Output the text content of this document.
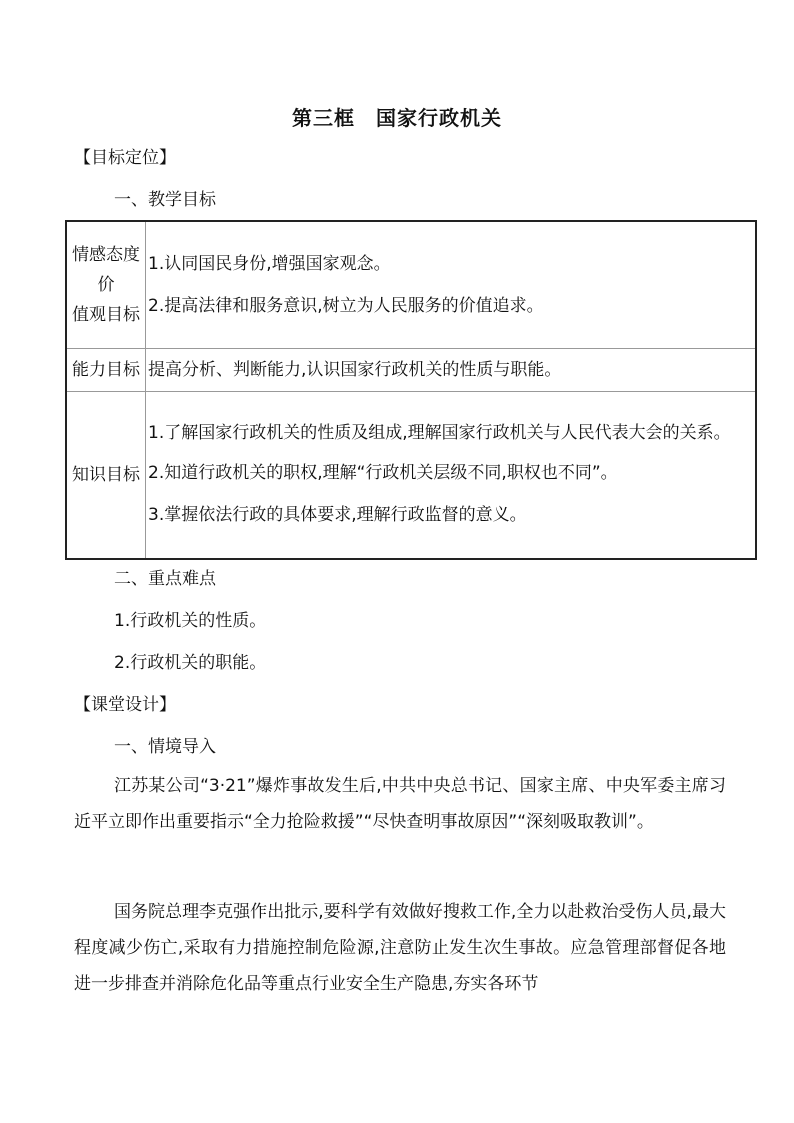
第三框　国家行政机关
【目标定位】
一、教学目标
情感态度
价
值观目标	1.认同国民身份,增强国家观念。
2.提高法律和服务意识,树立为人民服务的价值追求。

能力目标	提高分析、判断能力,认识国家行政机关的性质与职能。

知识目标	1.了解国家行政机关的性质及组成,理解国家行政机关与人民代表大会的关系。
2.知道行政机关的职权,理解“行政机关层级不同,职权也不同”。
3.掌握依法行政的具体要求,理解行政监督的意义。
二、重点难点
1.行政机关的性质。
2.行政机关的职能。
【课堂设计】
一、情境导入
江苏某公司“3·21”爆炸事故发生后,中共中央总书记、国家主席、中央军委主席习近平立即作出重要指示“全力抢险救援”“尽快查明事故原因”“深刻吸取教训”。
国务院总理李克强作出批示,要科学有效做好搜救工作,全力以赴救治受伤人员,最大程度减少伤亡,采取有力措施控制危险源,注意防止发生次生事故。应急管理部督促各地进一步排查并消除危化品等重点行业安全生产隐患,夯实各环节
